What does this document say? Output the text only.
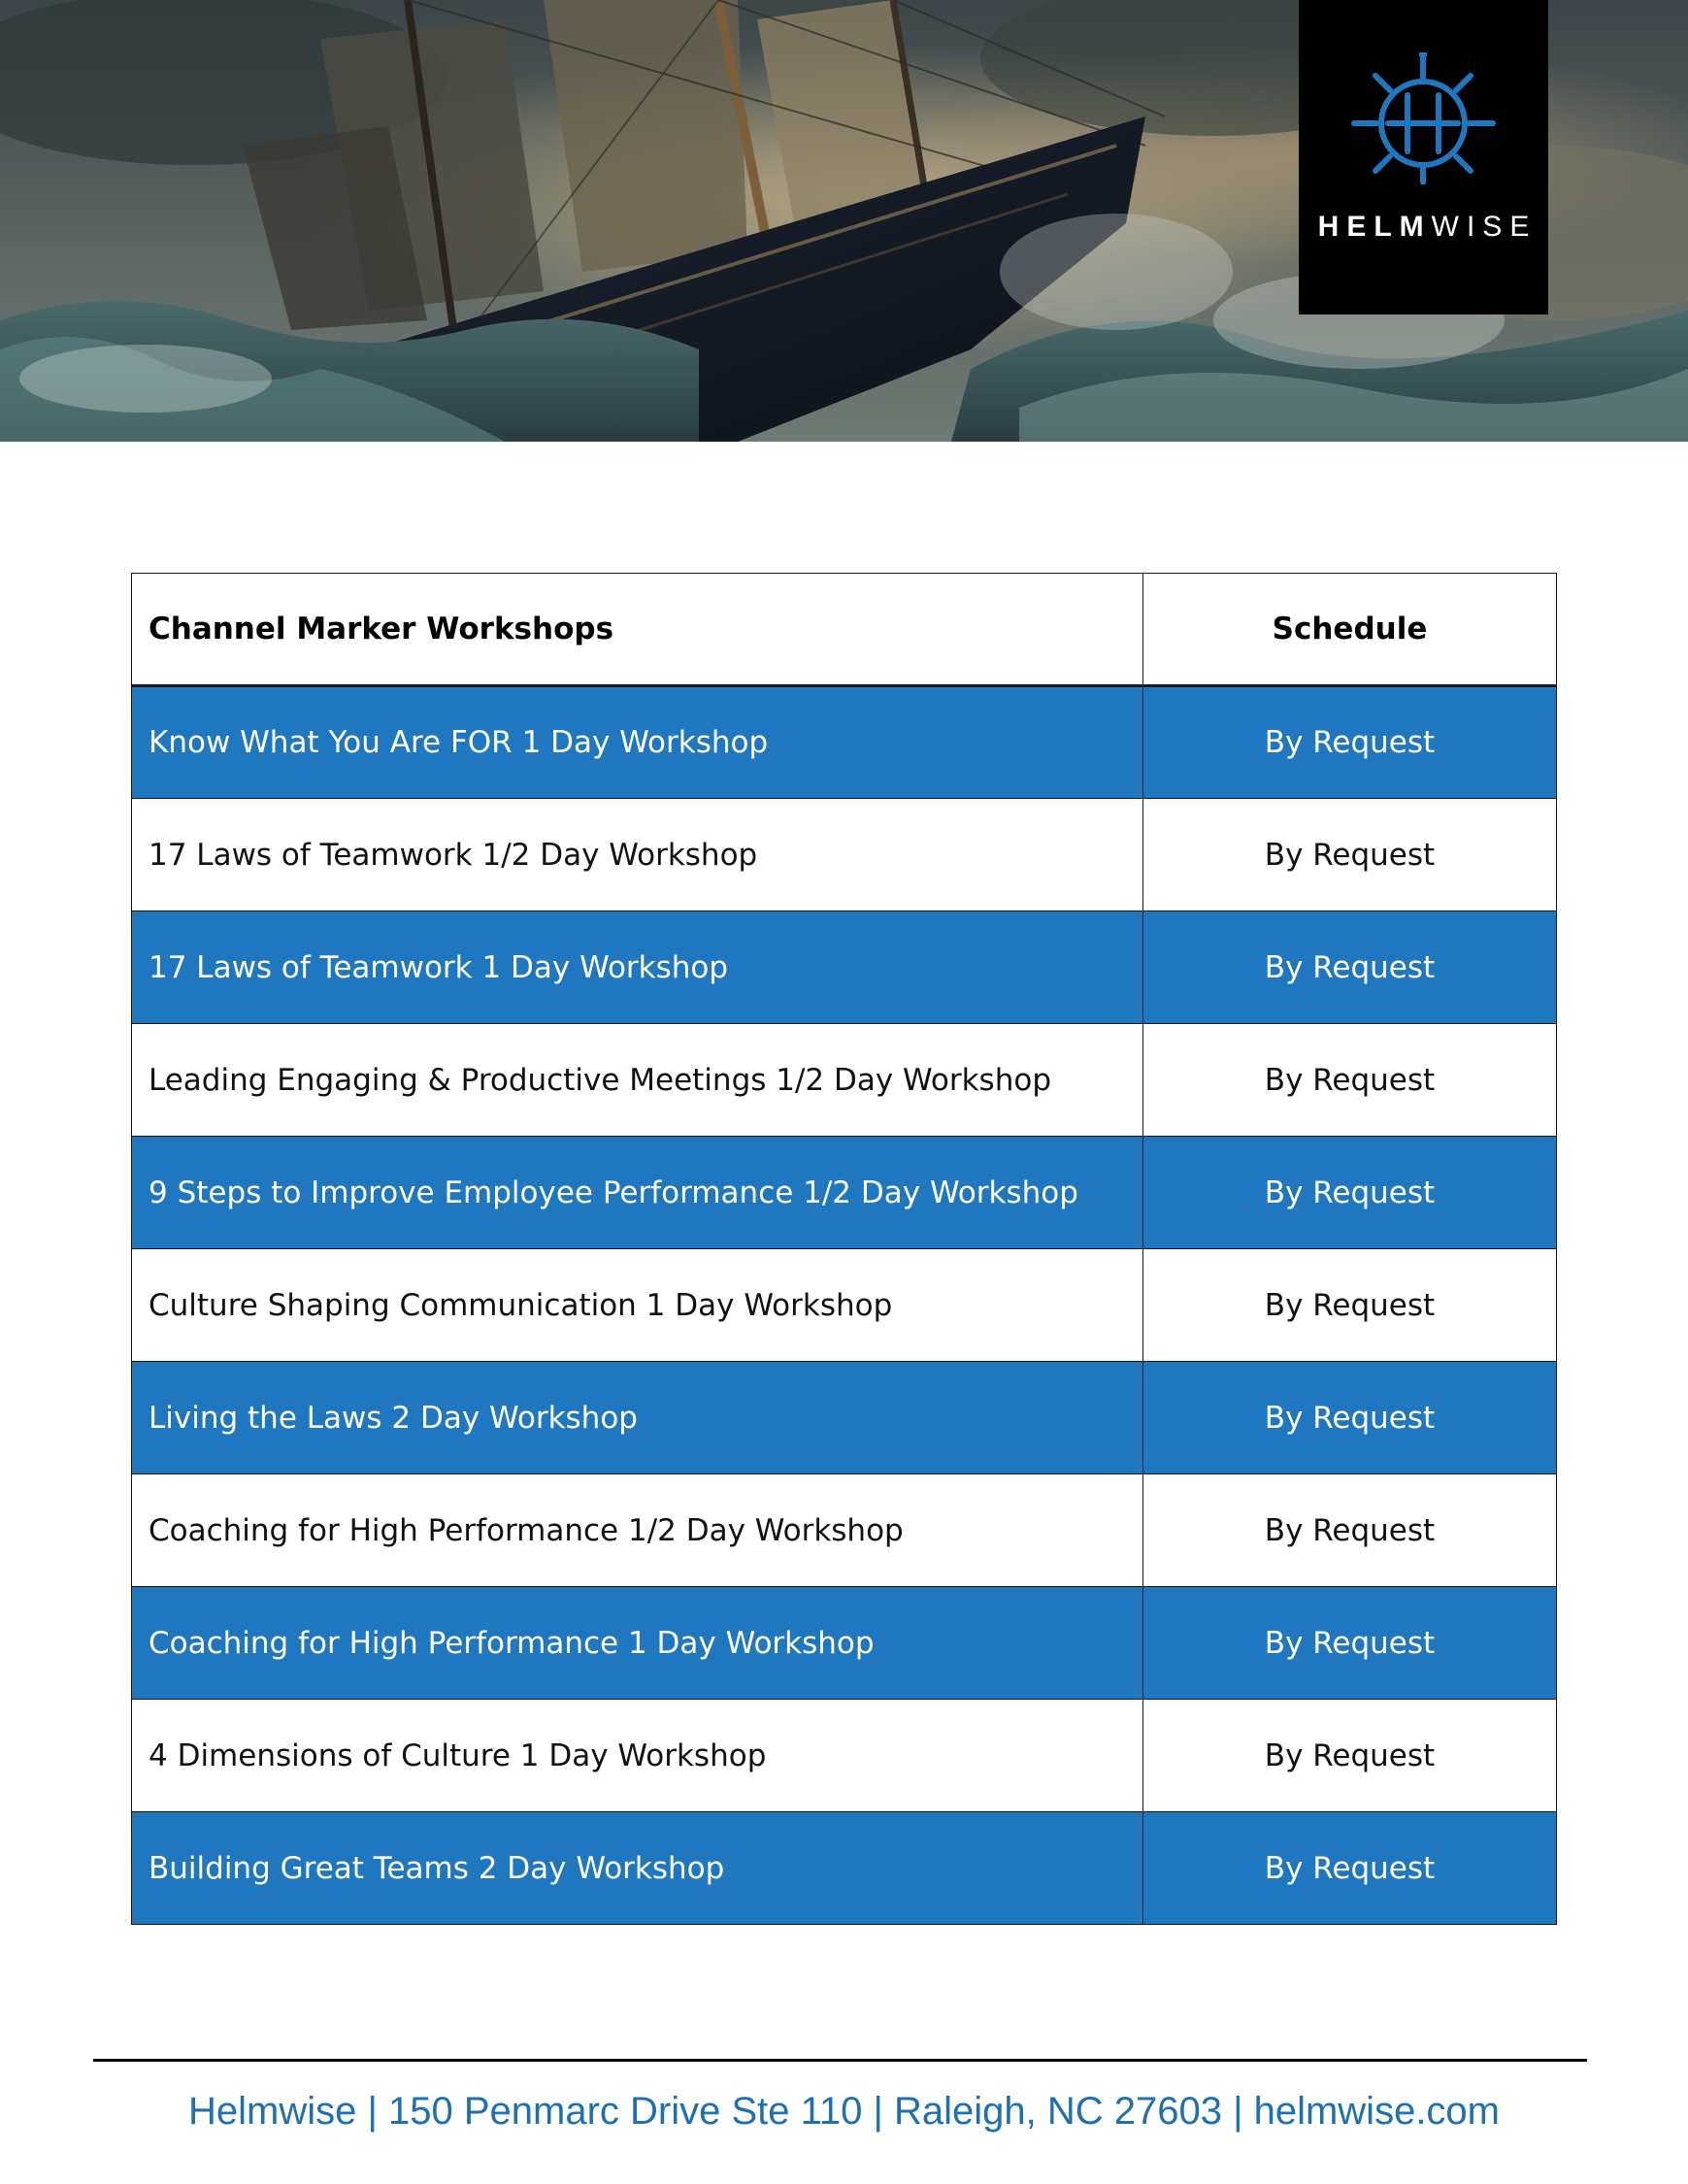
HELMWISE
Channel Marker Workshops	Schedule
Know What You Are FOR 1 Day Workshop	By Request
17 Laws of Teamwork 1/2 Day Workshop	By Request
17 Laws of Teamwork 1 Day Workshop	By Request
Leading Engaging & Productive Meetings 1/2 Day Workshop	By Request
9 Steps to Improve Employee Performance 1/2 Day Workshop	By Request
Culture Shaping Communication 1 Day Workshop	By Request
Living the Laws 2 Day Workshop	By Request
Coaching for High Performance 1/2 Day Workshop	By Request
Coaching for High Performance 1 Day Workshop	By Request
4 Dimensions of Culture 1 Day Workshop	By Request
Building Great Teams 2 Day Workshop	By Request
Helmwise | 150 Penmarc Drive Ste 110 | Raleigh, NC 27603 | helmwise.com
